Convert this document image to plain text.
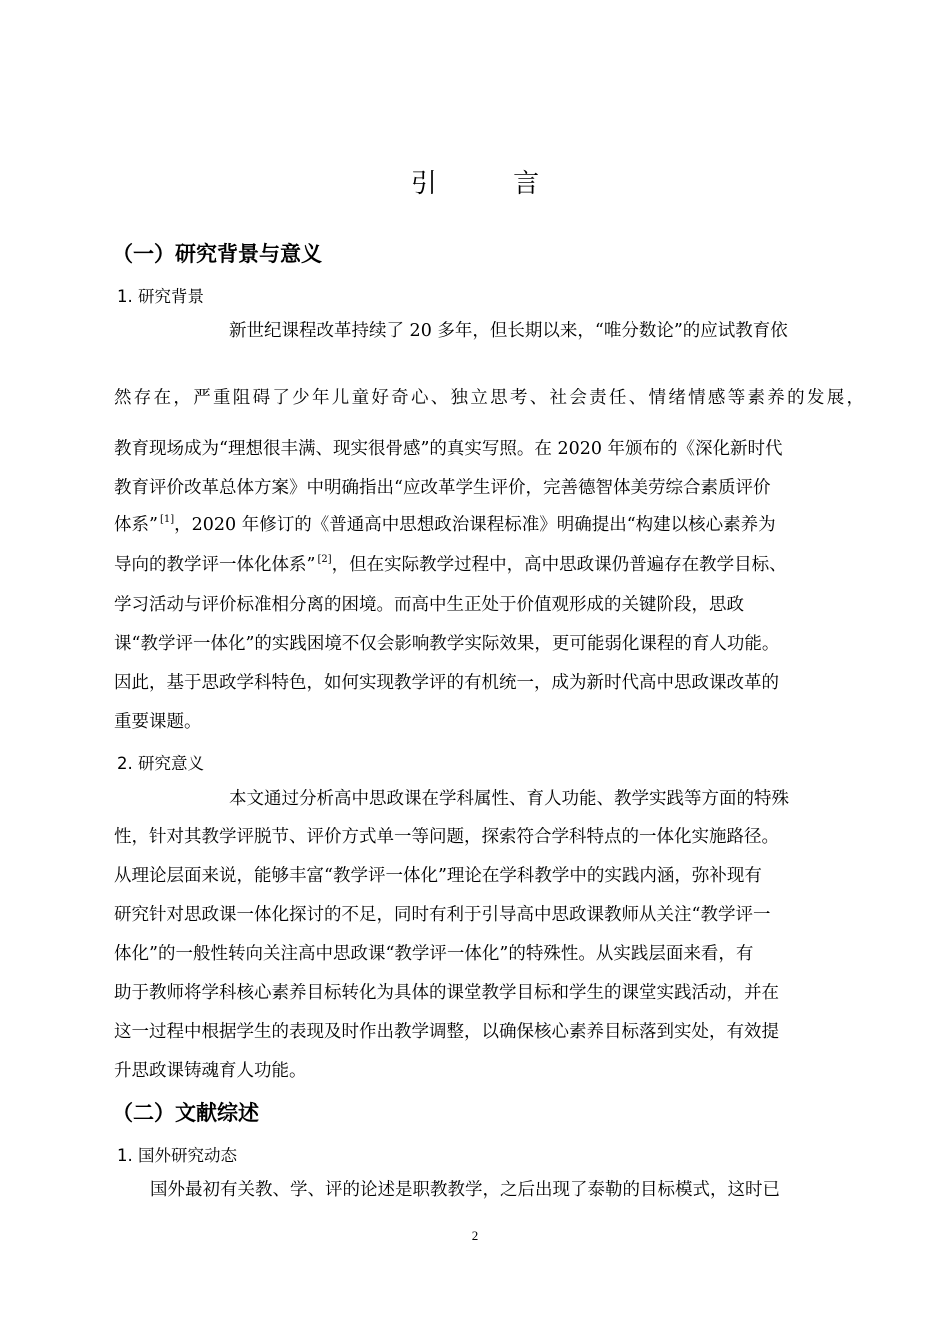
引 言
（一）研究背景与意义
1. 研究背景
新世纪课程改革持续了 20 多年，但长期以来，“唯分数论”的应试教育依
然存在，严重阻碍了少年儿童好奇心、独立思考、社会责任、情绪情感等素养的发展，
教育现场成为“理想很丰满、现实很骨感”的真实写照。在 2020 年颁布的《深化新时代
教育评价改革总体方案》中明确指出“应改革学生评价，完善德智体美劳综合素质评价
体系” [1]，2020 年修订的《普通高中思想政治课程标准》明确提出“构建以核心素养为
导向的教学评一体化体系” [2]，但在实际教学过程中，高中思政课仍普遍存在教学目标、
学习活动与评价标准相分离的困境。而高中生正处于价值观形成的关键阶段，思政
课“教学评一体化”的实践困境不仅会影响教学实际效果，更可能弱化课程的育人功能。
因此，基于思政学科特色，如何实现教学评的有机统一，成为新时代高中思政课改革的
重要课题。
2. 研究意义
本文通过分析高中思政课在学科属性、育人功能、教学实践等方面的特殊
性，针对其教学评脱节、评价方式单一等问题，探索符合学科特点的一体化实施路径。
从理论层面来说，能够丰富“教学评一体化”理论在学科教学中的实践内涵，弥补现有
研究针对思政课一体化探讨的不足，同时有利于引导高中思政课教师从关注“教学评一
体化”的一般性转向关注高中思政课“教学评一体化”的特殊性。从实践层面来看，有
助于教师将学科核心素养目标转化为具体的课堂教学目标和学生的课堂实践活动，并在
这一过程中根据学生的表现及时作出教学调整，以确保核心素养目标落到实处，有效提
升思政课铸魂育人功能。
（二）文献综述
1. 国外研究动态
国外最初有关教、学、评的论述是职教教学，之后出现了泰勒的目标模式，这时已
2
